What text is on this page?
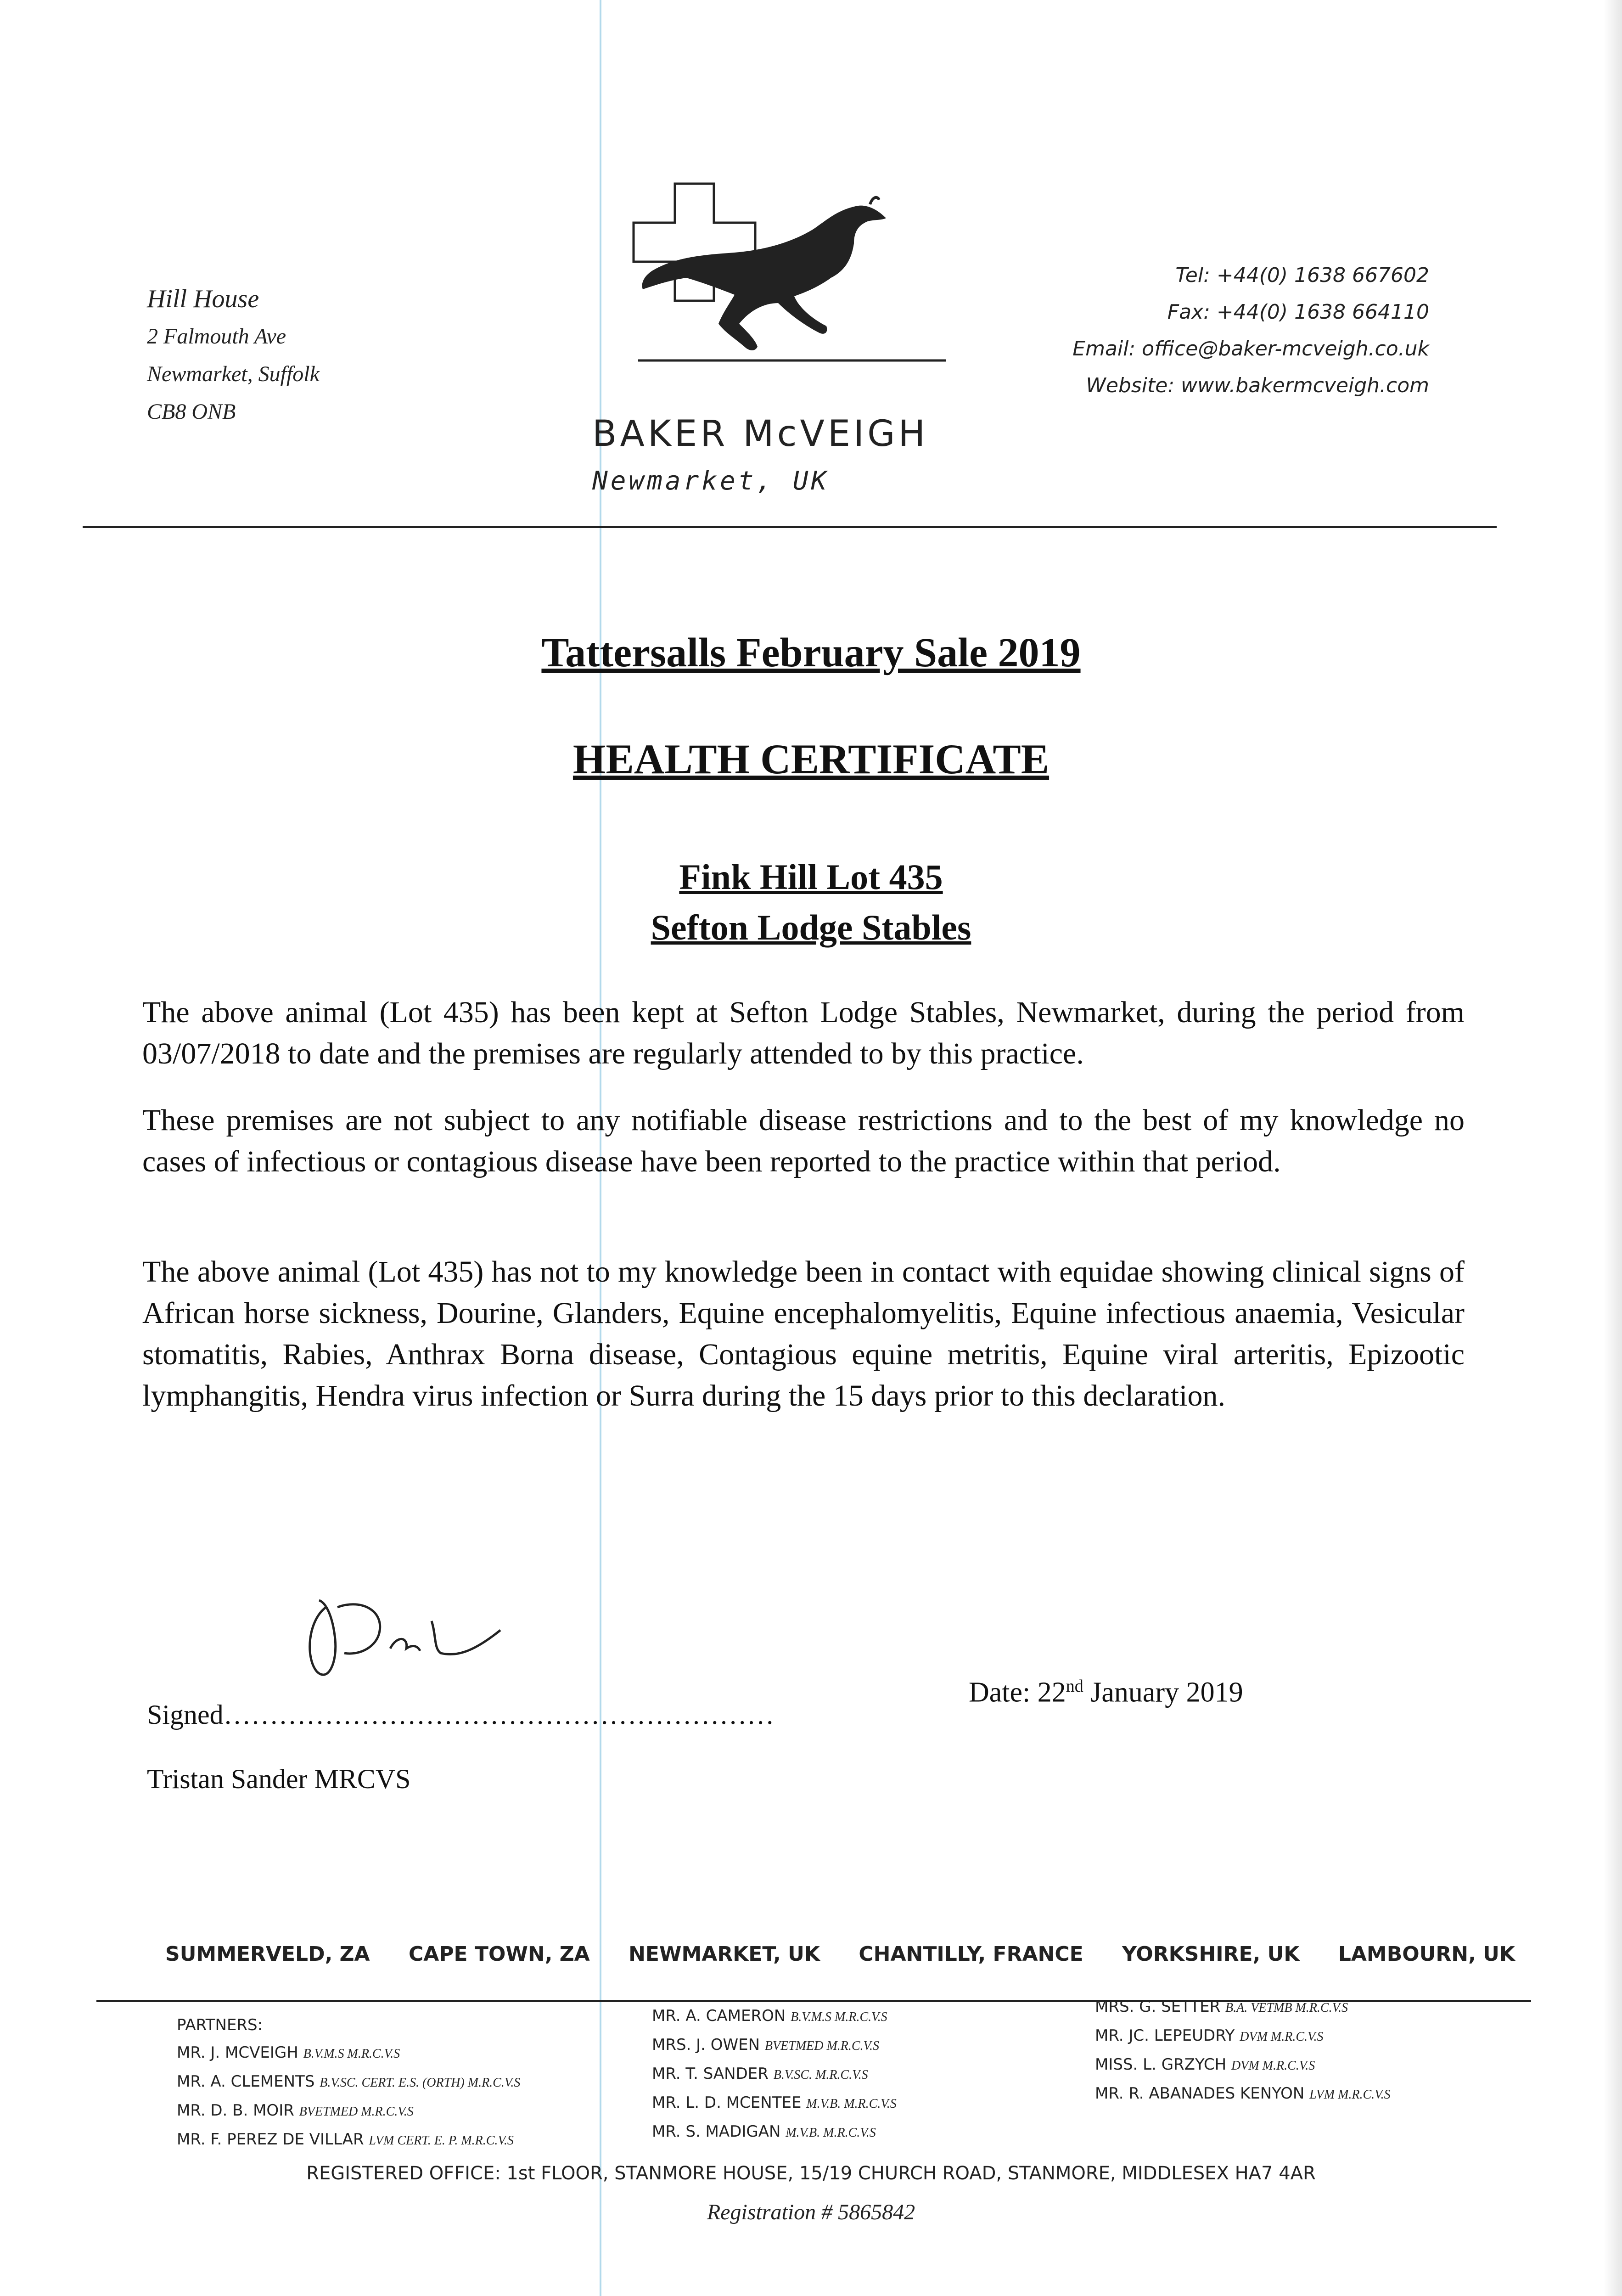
Hill House
2 Falmouth Ave
Newmarket, Suffolk
CB8 ONB
BAKER McVEIGH
Newmarket, UK
Tel: +44(0) 1638 667602
Fax: +44(0) 1638 664110
Email: office@baker-mcveigh.co.uk
Website: www.bakermcveigh.com
Tattersalls February Sale 2019
HEALTH CERTIFICATE
Fink Hill Lot 435
Sefton Lodge Stables
The above animal (Lot 435) has been kept at Sefton Lodge Stables, Newmarket, during the period from 03/07/2018 to date and the premises are regularly attended to by this practice.
These premises are not subject to any notifiable disease restrictions and to the best of my knowledge no cases of infectious or contagious disease have been reported to the practice within that period.
The above animal (Lot 435) has not to my knowledge been in contact with equidae showing clinical signs of African horse sickness, Dourine, Glanders, Equine encephalomyelitis, Equine infectious anaemia, Vesicular stomatitis, Rabies, Anthrax Borna disease, Contagious equine metritis, Equine viral arteritis, Epizootic lymphangitis, Hendra virus infection or Surra during the 15 days prior to this declaration.
Signed……………………………………………………
Date: 22nd January 2019
Tristan Sander MRCVS
SUMMERVELD, ZA CAPE TOWN, ZA NEWMARKET, UK CHANTILLY, FRANCE YORKSHIRE, UK LAMBOURN, UK
PARTNERS:
MR. J. MCVEIGH B.V.M.S M.R.C.V.S
MR. A. CLEMENTS B.V.SC. CERT. E.S. (ORTH) M.R.C.V.S
MR. D. B. MOIR BVETMED M.R.C.V.S
MR. F. PEREZ DE VILLAR LVM CERT. E. P. M.R.C.V.S
MR. A. CAMERON B.V.M.S M.R.C.V.S
MRS. J. OWEN BVETMED M.R.C.V.S
MR. T. SANDER B.V.SC. M.R.C.V.S
MR. L. D. MCENTEE M.V.B. M.R.C.V.S
MR. S. MADIGAN M.V.B. M.R.C.V.S
MRS. G. SETTER B.A. VETMB M.R.C.V.S
MR. JC. LEPEUDRY DVM M.R.C.V.S
MISS. L. GRZYCH DVM M.R.C.V.S
MR. R. ABANADES KENYON LVM M.R.C.V.S
REGISTERED OFFICE: 1st FLOOR, STANMORE HOUSE, 15/19 CHURCH ROAD, STANMORE, MIDDLESEX HA7 4AR
Registration # 5865842
